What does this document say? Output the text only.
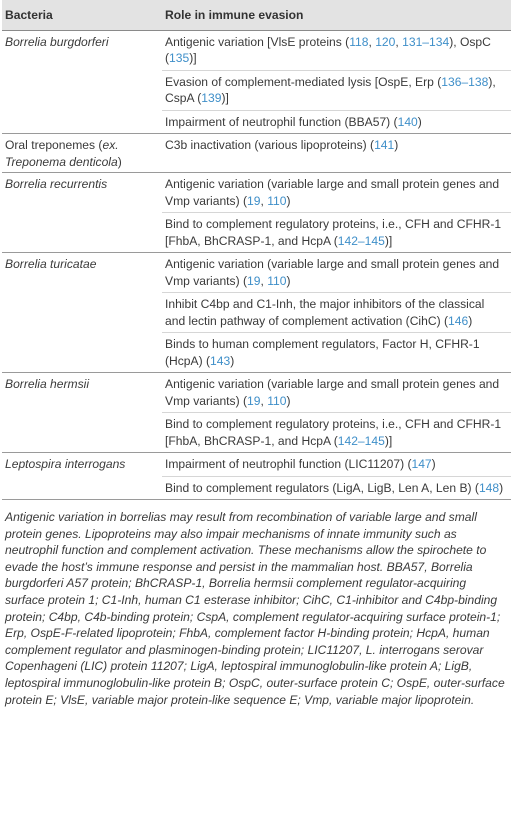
Bacteria	Role in immune evasion
Borrelia burgdorferi	Antigenic variation [VlsE proteins (118, 120, 131–134), OspC (135)]
Evasion of complement-mediated lysis [OspE, Erp (136–138), CspA (139)]
Impairment of neutrophil function (BBA57) (140)

Oral treponemes (ex. Treponema denticola)	C3b inactivation (various lipoproteins) (141)

Borrelia recurrentis	Antigenic variation (variable large and small protein genes and Vmp variants) (19, 110)
Bind to complement regulatory proteins, i.e., CFH and CFHR-1 [FhbA, BhCRASP-1, and HcpA (142–145)]

Borrelia turicatae	Antigenic variation (variable large and small protein genes and Vmp variants) (19, 110)
Inhibit C4bp and C1-Inh, the major inhibitors of the classical and lectin pathway of complement activation (CihC) (146)
Binds to human complement regulators, Factor H, CFHR-1 (HcpA) (143)

Borrelia hermsii	Antigenic variation (variable large and small protein genes and Vmp variants) (19, 110)
Bind to complement regulatory proteins, i.e., CFH and CFHR-1 [FhbA, BhCRASP-1, and HcpA (142–145)]

Leptospira interrogans	Impairment of neutrophil function (LIC11207) (147)
Bind to complement regulators (LigA, LigB, Len A, Len B) (148)
Antigenic variation in borrelias may result from recombination of variable large and small protein genes. Lipoproteins may also impair mechanisms of innate immunity such as neutrophil function and complement activation. These mechanisms allow the spirochete to evade the host’s immune response and persist in the mammalian host. BBA57, Borrelia burgdorferi A57 protein; BhCRASP-1, Borrelia hermsii complement regulator-acquiring surface protein 1; C1-Inh, human C1 esterase inhibitor; CihC, C1-inhibitor and C4bp-binding protein; C4bp, C4b-binding protein; CspA, complement regulator-acquiring surface protein-1; Erp, OspE-F-related lipoprotein; FhbA, complement factor H-binding protein; HcpA, human complement regulator and plasminogen-binding protein; LIC11207, L. interrogans serovar Copenhageni (LIC) protein 11207; LigA, leptospiral immunoglobulin-like protein A; LigB, leptospiral immunoglobulin-like protein B; OspC, outer-surface protein C; OspE, outer-surface protein E; VlsE, variable major protein-like sequence E; Vmp, variable major lipoprotein.
